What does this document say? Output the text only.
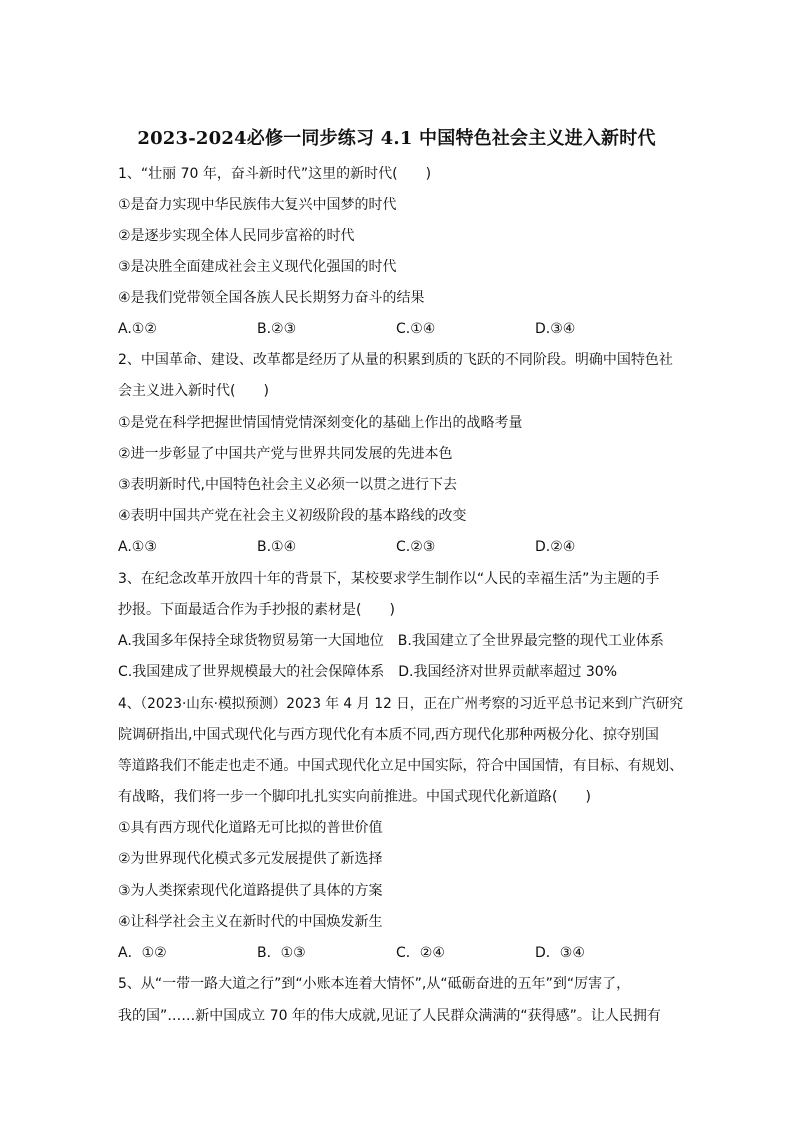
2023-2024必修一同步练习 4.1 中国特色社会主义进入新时代
1、“壮丽 70 年，奋斗新时代”这里的新时代(　　)
①是奋力实现中华民族伟大复兴中国梦的时代
②是逐步实现全体人民同步富裕的时代
③是决胜全面建成社会主义现代化强国的时代
④是我们党带领全国各族人民长期努力奋斗的结果
A.①②	B.②③	C.①④	D.③④
2、中国革命、建设、改革都是经历了从量的积累到质的飞跃的不同阶段。明确中国特色社
会主义进入新时代(　　)
①是党在科学把握世情国情党情深刻变化的基础上作出的战略考量
②进一步彰显了中国共产党与世界共同发展的先进本色
③表明新时代,中国特色社会主义必须一以贯之进行下去
④表明中国共产党在社会主义初级阶段的基本路线的改变
A.①③	B.①④	C.②③	D.②④
3、在纪念改革开放四十年的背景下，某校要求学生制作以“人民的幸福生活”为主题的手
抄报。下面最适合作为手抄报的素材是(　　)
A.我国多年保持全球货物贸易第一大国地位　B.我国建立了全世界最完整的现代工业体系
C.我国建成了世界规模最大的社会保障体系　D.我国经济对世界贡献率超过 30%
4、（2023·山东·模拟预测）2023 年 4 月 12 日，正在广州考察的习近平总书记来到广汽研究
院调研指出,中国式现代化与西方现代化有本质不同,西方现代化那种两极分化、掠夺别国
等道路我们不能走也走不通。中国式现代化立足中国实际，符合中国国情，有目标、有规划、
有战略，我们将一步一个脚印扎扎实实向前推进。中国式现代化新道路(　　)
①具有西方现代化道路无可比拟的普世价值
②为世界现代化模式多元发展提供了新选择
③为人类探索现代化道路提供了具体的方案
④让科学社会主义在新时代的中国焕发新生
A．①②	B．①③	C．②④	D．③④
5、从“一带一路大道之行”到“小账本连着大情怀”,从“砥砺奋进的五年”到“厉害了，
我的国”……新中国成立 70 年的伟大成就,见证了人民群众满满的“获得感”。让人民拥有
